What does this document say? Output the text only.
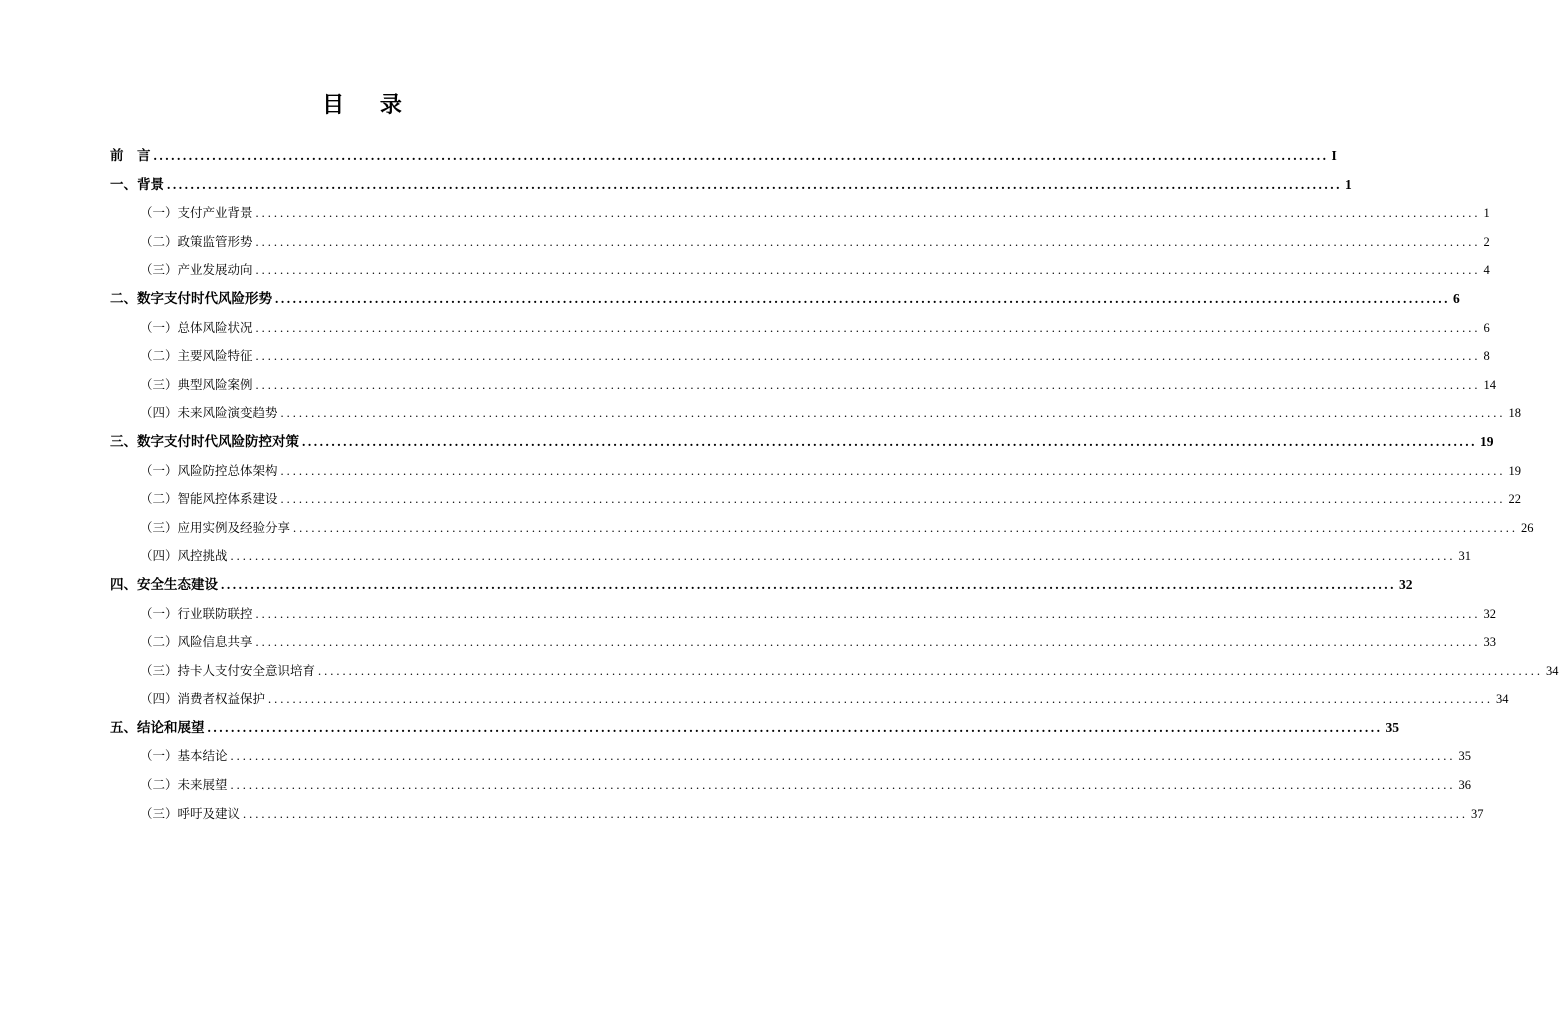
目 录
前　言 ........................................................................................................................................................................................................ I
一、背景 ........................................................................................................................................................................................................ 1
（一）支付产业背景 ........................................................................................................................................................................................................ 1
（二）政策监管形势 ........................................................................................................................................................................................................ 2
（三）产业发展动向 ........................................................................................................................................................................................................ 4
二、数字支付时代风险形势 ........................................................................................................................................................................................................ 6
（一）总体风险状况 ........................................................................................................................................................................................................ 6
（二）主要风险特征 ........................................................................................................................................................................................................ 8
（三）典型风险案例 ........................................................................................................................................................................................................ 14
（四）未来风险演变趋势 ........................................................................................................................................................................................................ 18
三、数字支付时代风险防控对策 ........................................................................................................................................................................................................ 19
（一）风险防控总体架构 ........................................................................................................................................................................................................ 19
（二）智能风控体系建设 ........................................................................................................................................................................................................ 22
（三）应用实例及经验分享 ........................................................................................................................................................................................................ 26
（四）风控挑战 ........................................................................................................................................................................................................ 31
四、安全生态建设 ........................................................................................................................................................................................................ 32
（一）行业联防联控 ........................................................................................................................................................................................................ 32
（二）风险信息共享 ........................................................................................................................................................................................................ 33
（三）持卡人支付安全意识培育 ........................................................................................................................................................................................................ 34
（四）消费者权益保护 ........................................................................................................................................................................................................ 34
五、结论和展望 ........................................................................................................................................................................................................ 35
（一）基本结论 ........................................................................................................................................................................................................ 35
（二）未来展望 ........................................................................................................................................................................................................ 36
（三）呼吁及建议 ........................................................................................................................................................................................................ 37
